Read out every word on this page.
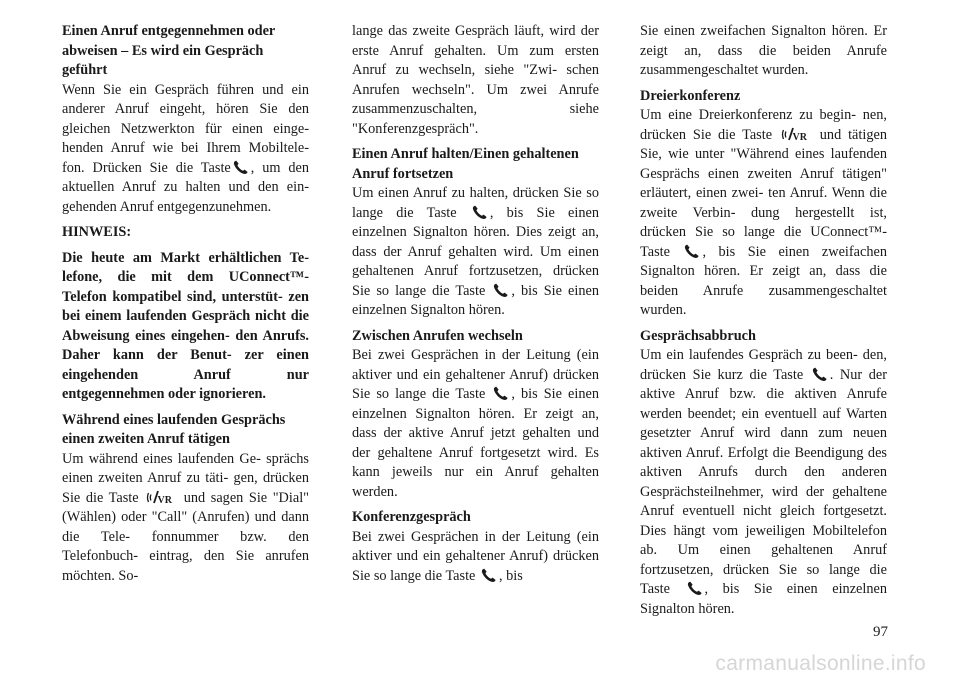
Einen Anruf entgegennehmen oder abweisen – Es wird ein Gespräch geführt

Wenn Sie ein Gespräch führen und ein anderer Anruf eingeht, hören Sie den gleichen Netzwerkton für einen einge- henden Anruf wie bei Ihrem Mobiltele- fon. Drücken Sie die Taste , um den aktuellen Anruf zu halten und den ein- gehenden Anruf entgegenzunehmen.

HINWEIS:

Die heute am Markt erhältlichen Te- lefone, die mit dem UConnect™- Telefon kompatibel sind, unterstüt- zen bei einem laufenden Gespräch nicht die Abweisung eines eingehen- den Anrufs. Daher kann der Benut- zer einen eingehenden Anruf nur entgegennehmen oder ignorieren.

Während eines laufenden Gesprächs einen zweiten Anruf tätigen

Um während eines laufenden Ge- sprächs einen zweiten Anruf zu täti- gen, drücken Sie die Taste VR und sagen Sie "Dial" (Wählen) oder "Call" (Anrufen) und dann die Tele- fonnummer bzw. den Telefonbuch- eintrag, den Sie anrufen möchten. So-

lange das zweite Gespräch läuft, wird der erste Anruf gehalten. Um zum ersten Anruf zu wechseln, siehe "Zwi- schen Anrufen wechseln". Um zwei Anrufe zusammenzuschalten, siehe "Konferenzgespräch".

Einen Anruf halten/Einen gehaltenen Anruf fortsetzen

Um einen Anruf zu halten, drücken Sie so lange die Taste , bis Sie einen einzelnen Signalton hören. Dies zeigt an, dass der Anruf gehalten wird. Um einen gehaltenen Anruf fortzusetzen, drücken Sie so lange die Taste , bis Sie einen einzelnen Signalton hören.

Zwischen Anrufen wechseln

Bei zwei Gesprächen in der Leitung (ein aktiver und ein gehaltener Anruf) drücken Sie so lange die Taste , bis Sie einen einzelnen Signalton hören. Er zeigt an, dass der aktive Anruf jetzt gehalten und der gehaltene Anruf fortgesetzt wird. Es kann jeweils nur ein Anruf gehalten werden.

Konferenzgespräch

Bei zwei Gesprächen in der Leitung (ein aktiver und ein gehaltener Anruf) drücken Sie so lange die Taste , bis

Sie einen zweifachen Signalton hören. Er zeigt an, dass die beiden Anrufe zusammengeschaltet wurden.

Dreierkonferenz

Um eine Dreierkonferenz zu begin- nen, drücken Sie die Taste VR und tätigen Sie, wie unter "Während eines laufenden Gesprächs einen zweiten Anruf tätigen" erläutert, einen zwei- ten Anruf. Wenn die zweite Verbin- dung hergestellt ist, drücken Sie so lange die UConnect™-Taste , bis Sie einen zweifachen Signalton hören. Er zeigt an, dass die beiden Anrufe zusammengeschaltet wurden.

Gesprächsabbruch

Um ein laufendes Gespräch zu been- den, drücken Sie kurz die Taste . Nur der aktive Anruf bzw. die aktiven Anrufe werden beendet; ein eventuell auf Warten gesetzter Anruf wird dann zum neuen aktiven Anruf. Erfolgt die Beendigung des aktiven Anrufs durch den anderen Gesprächsteilnehmer, wird der gehaltene Anruf eventuell nicht gleich fortgesetzt. Dies hängt vom jeweiligen Mobiltelefon ab. Um einen gehaltenen Anruf fortzusetzen, drücken Sie so lange die Taste , bis Sie einen einzelnen Signalton hören.

97
carmanualsonline.info
